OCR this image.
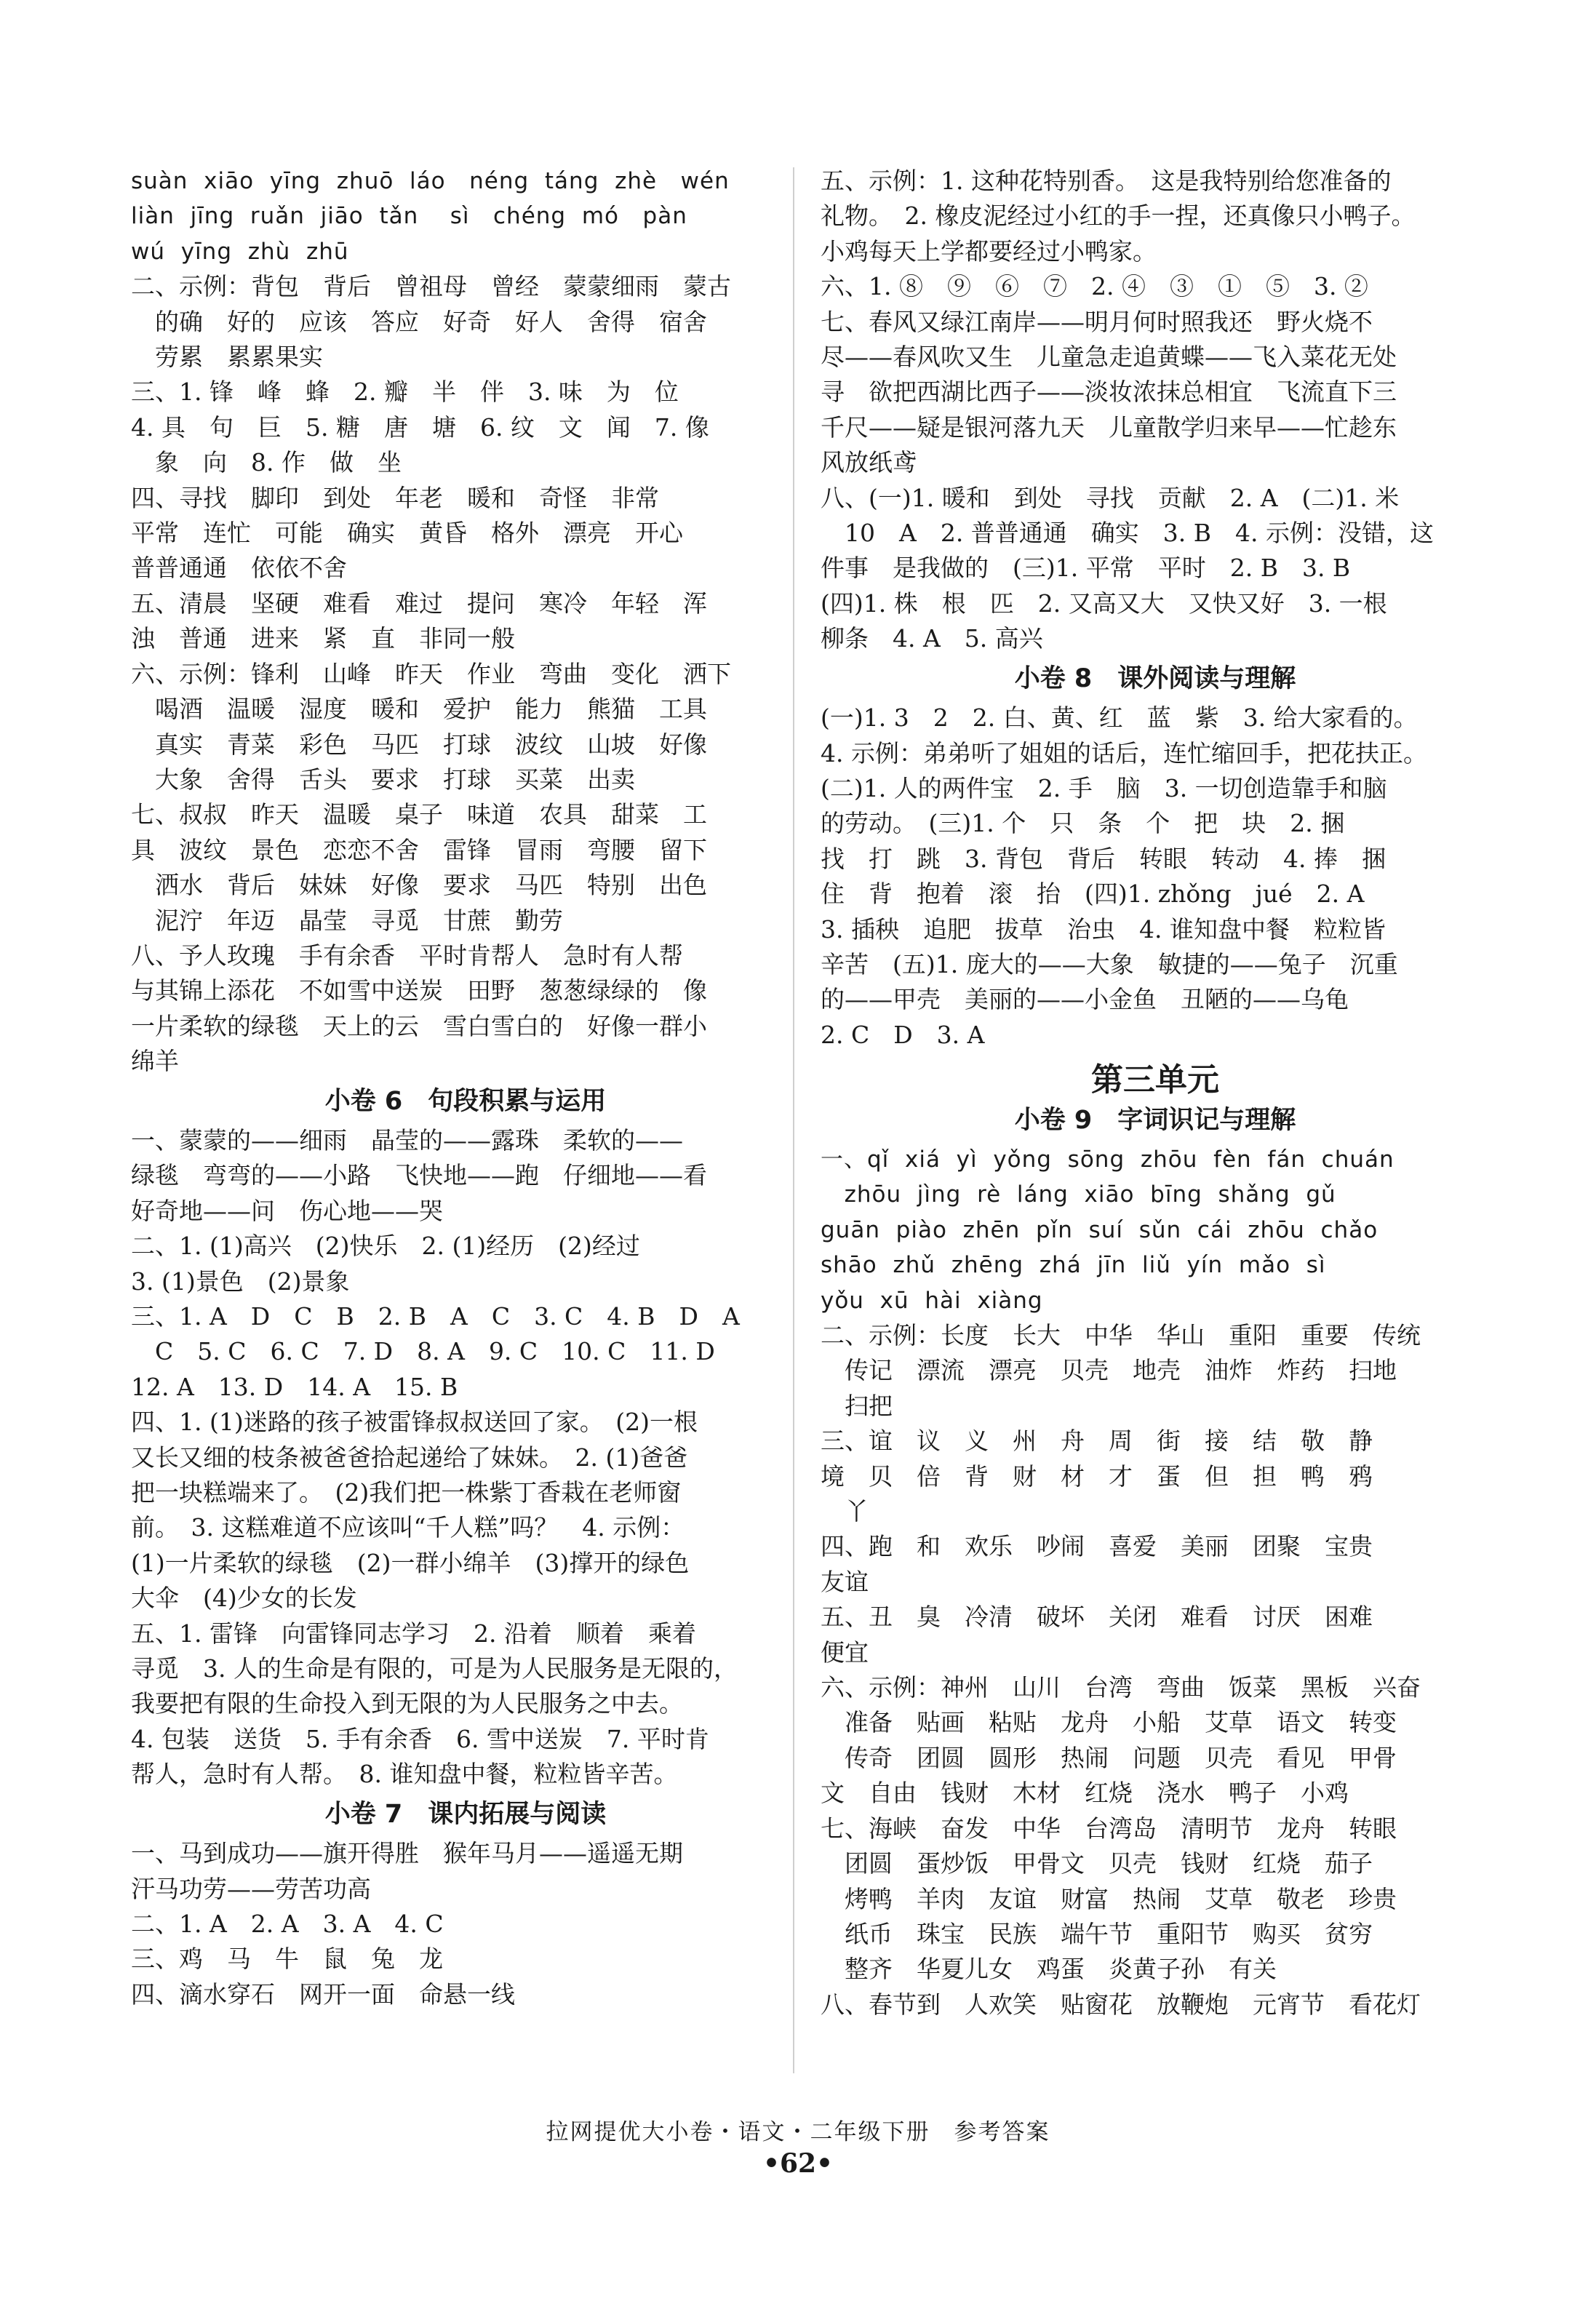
suàn  xiāo  yīng  zhuō  láo   néng  táng  zhè   wén
liàn  jīng  ruǎn  jiāo  tǎn    sì   chéng  mó   pàn
wú  yīng  zhù  zhū
二、示例：背包　背后　曾祖母　曾经　蒙蒙细雨　蒙古
　的确　好的　应该　答应　好奇　好人　舍得　宿舍
　劳累　累累果实
三、1. 锋　峰　蜂　2. 瓣　半　伴　3. 味　为　位
4. 具　句　巨　5. 糖　唐　塘　6. 纹　文　闻　7. 像
　象　向　8. 作　做　坐
四、寻找　脚印　到处　年老　暖和　奇怪　非常
平常　连忙　可能　确实　黄昏　格外　漂亮　开心
普普通通　依依不舍
五、清晨　坚硬　难看　难过　提问　寒冷　年轻　浑
浊　普通　进来　紧　直　非同一般
六、示例：锋利　山峰　昨天　作业　弯曲　变化　洒下
　喝酒　温暖　湿度　暖和　爱护　能力　熊猫　工具
　真实　青菜　彩色　马匹　打球　波纹　山坡　好像
　大象　舍得　舌头　要求　打球　买菜　出卖
七、叔叔　昨天　温暖　桌子　味道　农具　甜菜　工
具　波纹　景色　恋恋不舍　雷锋　冒雨　弯腰　留下
　洒水　背后　妹妹　好像　要求　马匹　特别　出色
　泥泞　年迈　晶莹　寻觅　甘蔗　勤劳
八、予人玫瑰　手有余香　平时肯帮人　急时有人帮
与其锦上添花　不如雪中送炭　田野　葱葱绿绿的　像
一片柔软的绿毯　天上的云　雪白雪白的　好像一群小
绵羊
小卷 6　句段积累与运用
一、蒙蒙的——细雨　晶莹的——露珠　柔软的——
绿毯　弯弯的——小路　飞快地——跑　仔细地——看
好奇地——问　伤心地——哭
二、1. (1)高兴　(2)快乐　2. (1)经历　(2)经过
3. (1)景色　(2)景象
三、1. A　D　C　B　2. B　A　C　3. C　4. B　D　A
　C　5. C　6. C　7. D　8. A　9. C　10. C　11. D
12. A　13. D　14. A　15. B
四、1. (1)迷路的孩子被雷锋叔叔送回了家。　(2)一根
又长又细的枝条被爸爸拾起递给了妹妹。　2. (1)爸爸
把一块糕端来了。　(2)我们把一株紫丁香栽在老师窗
前。　3. 这糕难道不应该叫“千人糕”吗？　4. 示例：
(1)一片柔软的绿毯　(2)一群小绵羊　(3)撑开的绿色
大伞　(4)少女的长发
五、1. 雷锋　向雷锋同志学习　2. 沿着　顺着　乘着
寻觅　3. 人的生命是有限的，可是为人民服务是无限的，
我要把有限的生命投入到无限的为人民服务之中去。
4. 包装　送货　5. 手有余香　6. 雪中送炭　7. 平时肯
帮人，急时有人帮。　8. 谁知盘中餐，粒粒皆辛苦。
小卷 7　课内拓展与阅读
一、马到成功——旗开得胜　猴年马月——遥遥无期
汗马功劳——劳苦功高
二、1. A　2. A　3. A　4. C
三、鸡　马　牛　鼠　兔　龙
四、滴水穿石　网开一面　命悬一线
五、示例：1. 这种花特别香。　这是我特别给您准备的
礼物。　2. 橡皮泥经过小红的手一捏，还真像只小鸭子。
小鸡每天上学都要经过小鸭家。
六、1. ⑧　⑨　⑥　⑦　2. ④　③　①　⑤　3. ②
七、春风又绿江南岸——明月何时照我还　野火烧不
尽——春风吹又生　儿童急走追黄蝶——飞入菜花无处
寻　欲把西湖比西子——淡妆浓抹总相宜　飞流直下三
千尺——疑是银河落九天　儿童散学归来早——忙趁东
风放纸鸢
八、(一)1. 暖和　到处　寻找　贡献　2. A　(二)1. 米
　10　A　2. 普普通通　确实　3. B　4. 示例：没错，这
件事　是我做的　(三)1. 平常　平时　2. B　3. B
(四)1. 株　根　匹　2. 又高又大　又快又好　3. 一根
柳条　4. A　5. 高兴
小卷 8　课外阅读与理解
(一)1. 3　2　2. 白、黄、红　蓝　紫　3. 给大家看的。
4. 示例：弟弟听了姐姐的话后，连忙缩回手，把花扶正。
(二)1. 人的两件宝　2. 手　脑　3. 一切创造靠手和脑
的劳动。　(三)1. 个　只　条　个　把　块　2. 捆
找　打　跳　3. 背包　背后　转眼　转动　4. 捧　捆
住　背　抱着　滚　抬　(四)1. zhǒng　jué　2. A
3. 插秧　追肥　拔草　治虫　4. 谁知盘中餐　粒粒皆
辛苦　(五)1. 庞大的——大象　敏捷的——兔子　沉重
的——甲壳　美丽的——小金鱼　丑陋的——乌龟
2. C　D　3. A
第三单元
小卷 9　字词识记与理解
一、qǐ  xiá  yì  yǒng  sōng  zhōu  fèn  fán  chuán
zhōu  jìng  rè  láng  xiāo  bīng  shǎng  gǔ
guān  piào  zhēn  pǐn  suí  sǔn  cái  zhōu  chǎo
shāo  zhǔ  zhēng  zhá  jīn  liǔ  yín  mǎo  sì
yǒu  xū  hài  xiàng
二、示例：长度　长大　中华　华山　重阳　重要　传统
　传记　漂流　漂亮　贝壳　地壳　油炸　炸药　扫地
　扫把
三、谊　议　义　州　舟　周　街　接　结　敬　静
境　贝　倍　背　财　材　才　蛋　但　担　鸭　鸦
　丫
四、跑　和　欢乐　吵闹　喜爱　美丽　团聚　宝贵
友谊
五、丑　臭　冷清　破坏　关闭　难看　讨厌　困难
便宜
六、示例：神州　山川　台湾　弯曲　饭菜　黑板　兴奋
　准备　贴画　粘贴　龙舟　小船　艾草　语文　转变
　传奇　团圆　圆形　热闹　问题　贝壳　看见　甲骨
文　自由　钱财　木材　红烧　浇水　鸭子　小鸡
七、海峡　奋发　中华　台湾岛　清明节　龙舟　转眼
　团圆　蛋炒饭　甲骨文　贝壳　钱财　红烧　茄子
　烤鸭　羊肉　友谊　财富　热闹　艾草　敬老　珍贵
　纸币　珠宝　民族　端午节　重阳节　购买　贫穷
　整齐　华夏儿女　鸡蛋　炎黄子孙　有关
八、春节到　人欢笑　贴窗花　放鞭炮　元宵节　看花灯
拉网提优大小卷・语文・二年级下册　参考答案
•62•
